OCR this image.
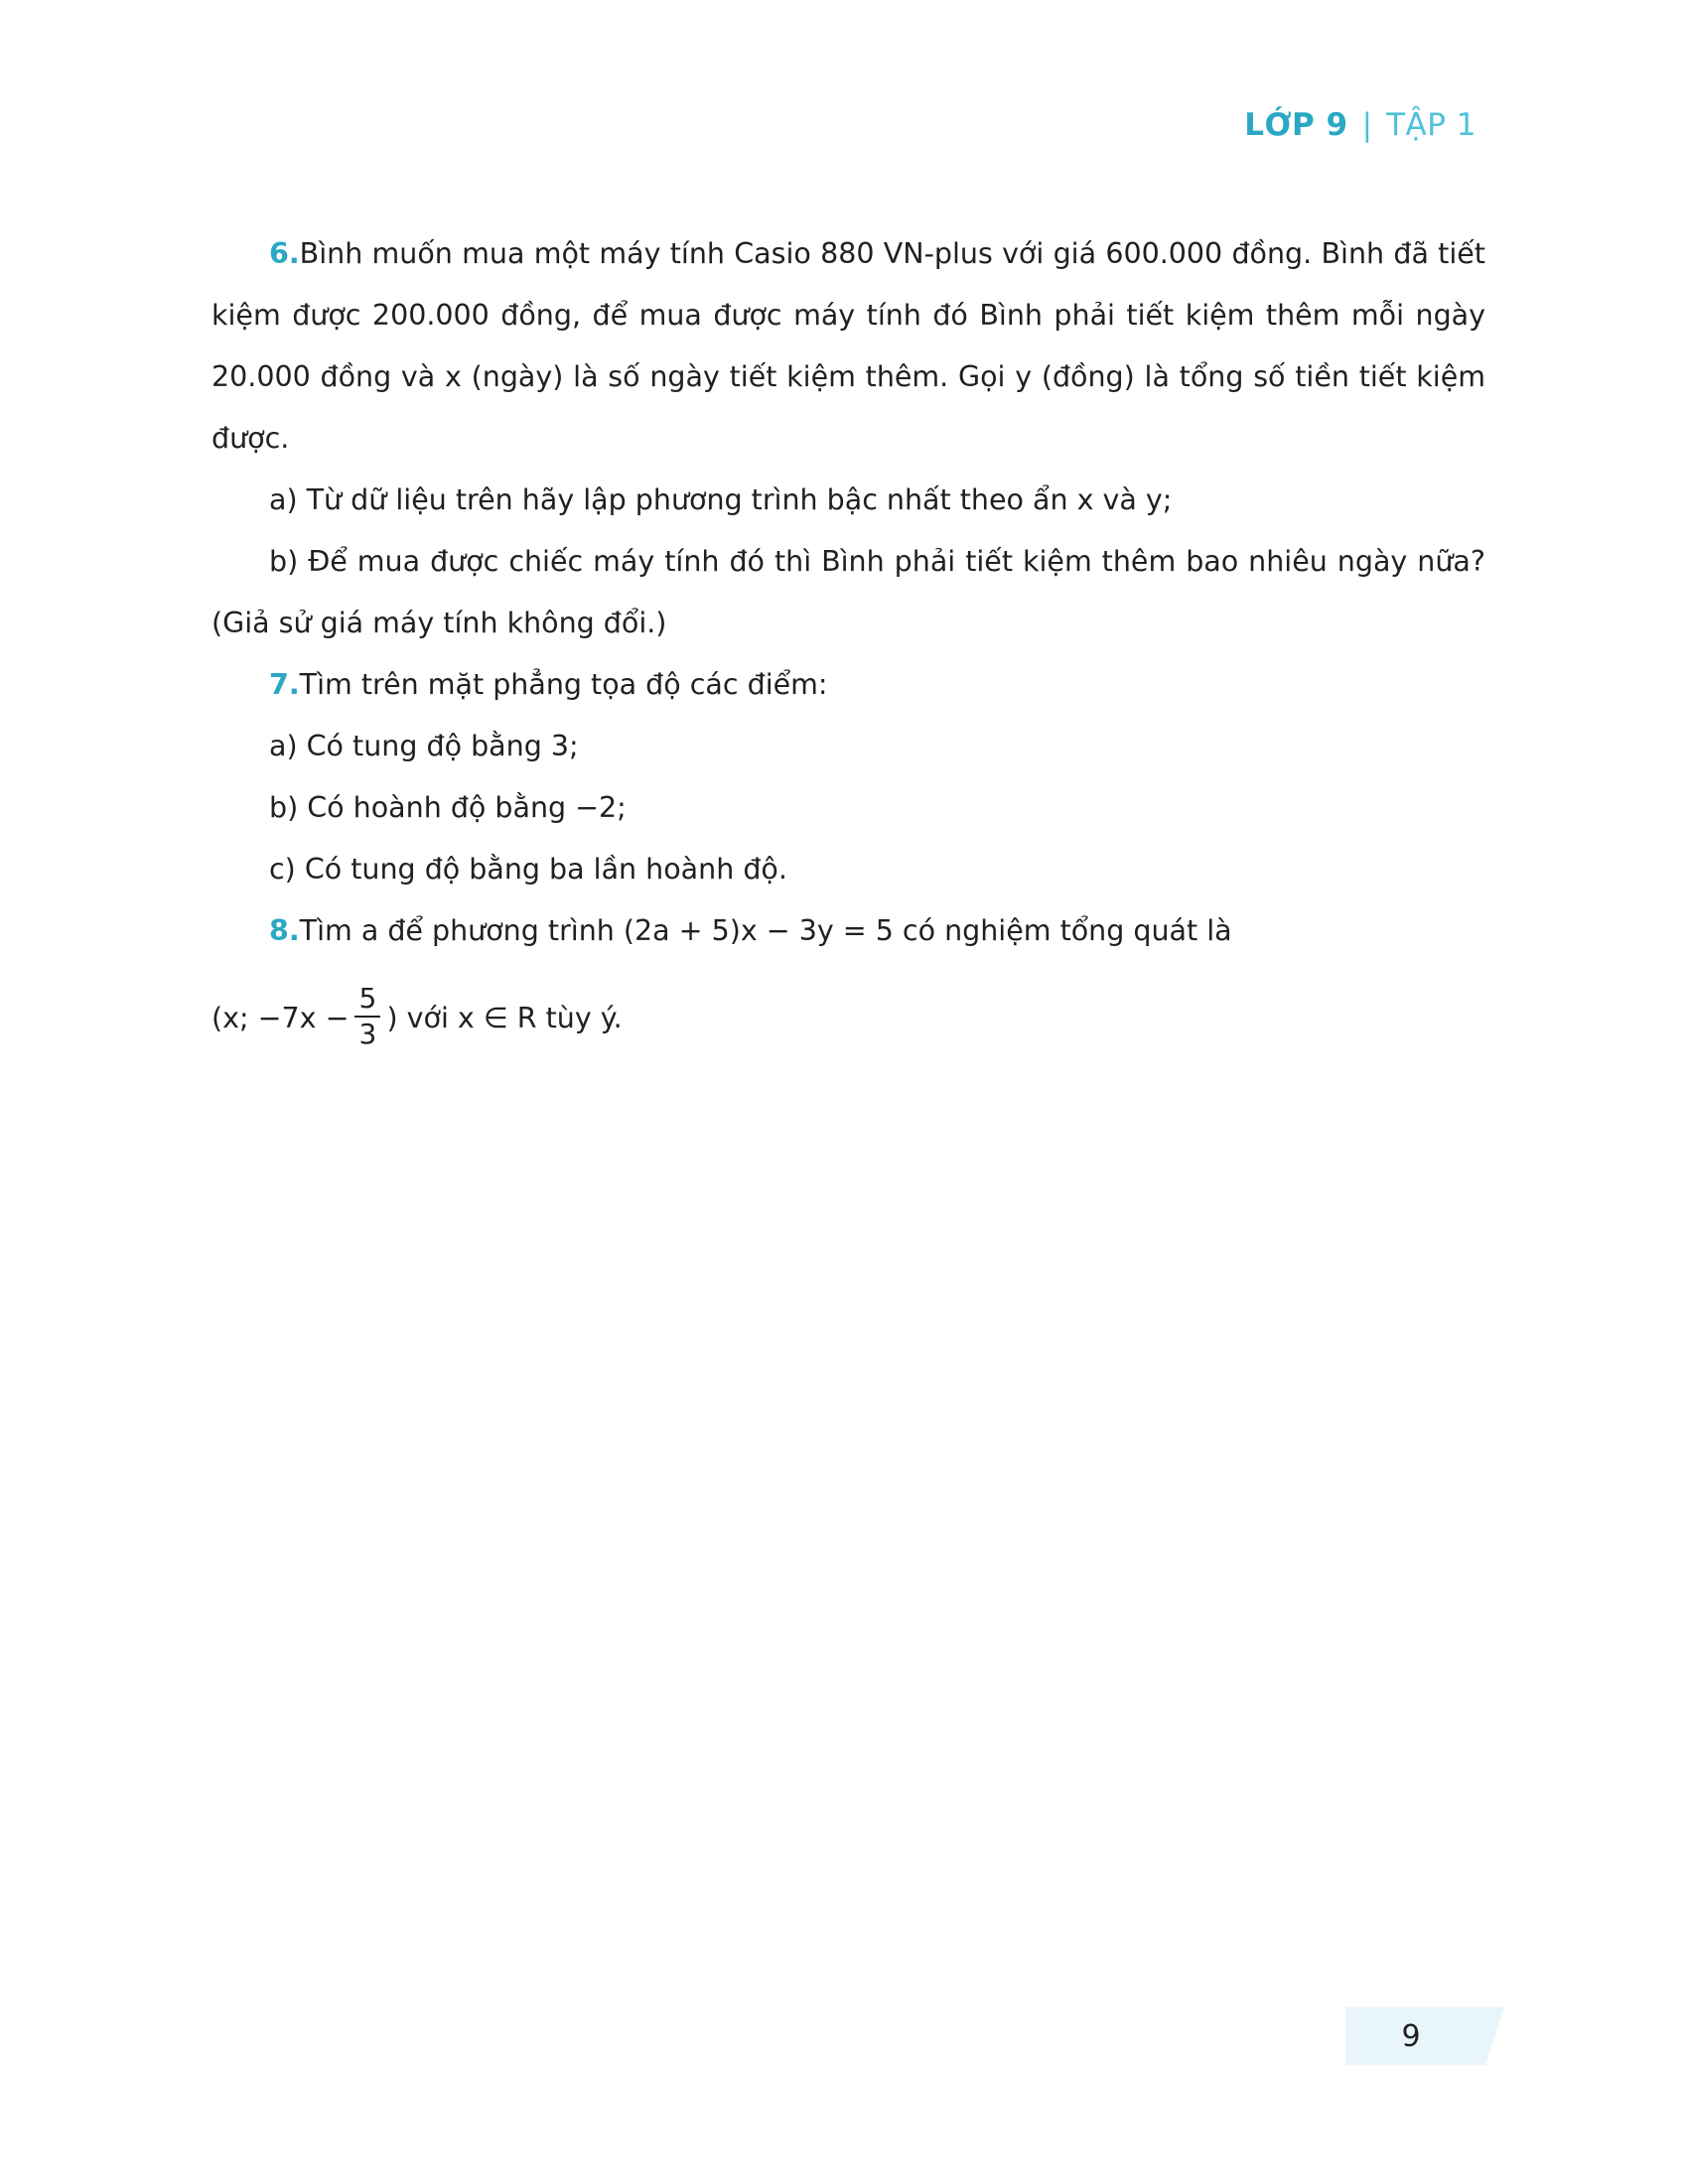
LỚP 9 | TẬP 1

6.Bình muốn mua một máy tính Casio 880 VN-plus với giá 600.000 đồng. Bình đã tiết kiệm được 200.000 đồng, để mua được máy tính đó Bình phải tiết kiệm thêm mỗi ngày 20.000 đồng và x (ngày) là số ngày tiết kiệm thêm. Gọi y (đồng) là tổng số tiền tiết kiệm được.

a) Từ dữ liệu trên hãy lập phương trình bậc nhất theo ẩn x và y;

b) Để mua được chiếc máy tính đó thì Bình phải tiết kiệm thêm bao nhiêu ngày nữa? (Giả sử giá máy tính không đổi.)

7.Tìm trên mặt phẳng tọa độ các điểm:

a) Có tung độ bằng 3;

b) Có hoành độ bằng −2;

c) Có tung độ bằng ba lần hoành độ.

8.Tìm a để phương trình (2a + 5)x − 3y = 5 có nghiệm tổng quát là

(x; $-7x - \frac{5}{3}$ ) với x ∈ R tùy ý.
9
